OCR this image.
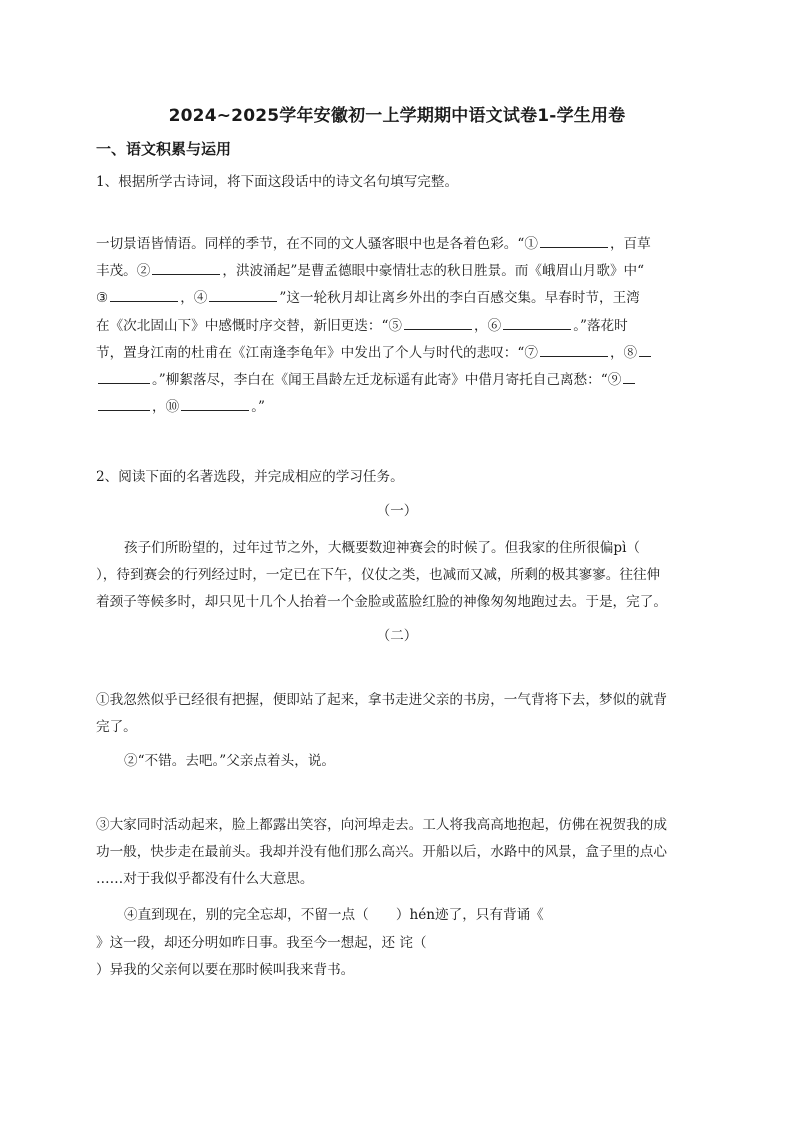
2024~2025学年安徽初一上学期期中语文试卷1-学生用卷
一、语文积累与运用
1、根据所学古诗词，将下面这段话中的诗文名句填写完整。
一切景语皆情语。同样的季节，在不同的文人骚客眼中也是各着色彩。“①	，百草
丰茂。②	，洪波涌起”是曹孟德眼中豪情壮志的秋日胜景。而《峨眉山月歌》中“
③	，④	”这一轮秋月却让离乡外出的李白百感交集。早春时节，王湾
在《次北固山下》中感慨时序交替，新旧更迭：“⑤	，⑥	。”落花时
节，置身江南的杜甫在《江南逢李龟年》中发出了个人与时代的悲叹：“⑦	，⑧
。”柳絮落尽，李白在《闻王昌龄左迁龙标遥有此寄》中借月寄托自己离愁：“⑨
，⑩	。”
2、阅读下面的名著选段，并完成相应的学习任务。
（一）
孩子们所盼望的，过年过节之外，大概要数迎神赛会的时候了。但我家的住所很偏pì（
），待到赛会的行列经过时，一定已在下午，仪仗之类，也减而又减，所剩的极其寥寥。往往伸
着颈子等候多时，却只见十几个人抬着一个金脸或蓝脸红脸的神像匆匆地跑过去。于是，完了。
（二）
①我忽然似乎已经很有把握，便即站了起来，拿书走进父亲的书房，一气背将下去，梦似的就背
完了。
②“不错。去吧。”父亲点着头，说。
③大家同时活动起来，脸上都露出笑容，向河埠走去。工人将我高高地抱起，仿佛在祝贺我的成
功一般，快步走在最前头。我却并没有他们那么高兴。开船以后，水路中的风景，盒子里的点心
……对于我似乎都没有什么大意思。
④直到现在，别的完全忘却，不留一点（　　）hén迹了，只有背诵《
》这一段，却还分明如昨日事。我至今一想起，还 诧（
）异我的父亲何以要在那时候叫我来背书。
